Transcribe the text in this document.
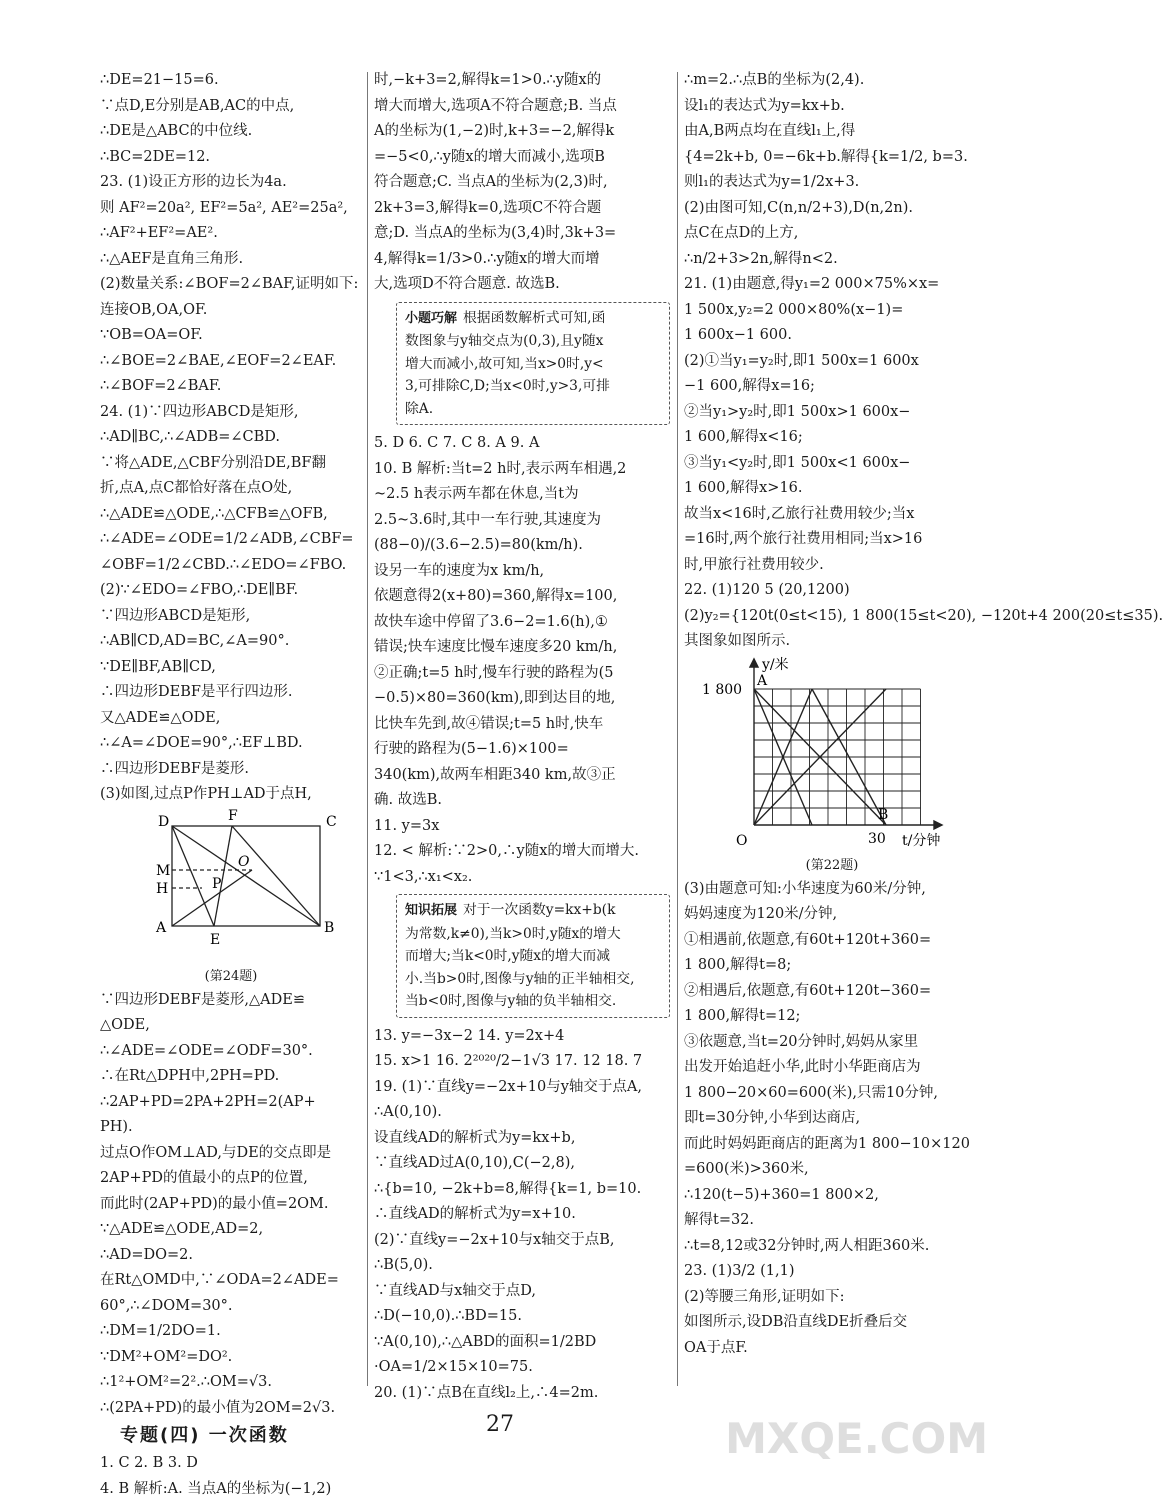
∴DE=21−15=6.
∵点D,E分别是AB,AC的中点,
∴DE是△ABC的中位线.
∴BC=2DE=12.
23. (1)设正方形的边长为4a.
则 AF²=20a², EF²=5a², AE²=25a²,
∴AF²+EF²=AE².
∴△AEF是直角三角形.
(2)数量关系:∠BOF=2∠BAF,证明如下:
连接OB,OA,OF.
∵OB=OA=OF.
∴∠BOE=2∠BAE,∠EOF=2∠EAF.
∴∠BOF=2∠BAF.
24. (1)∵四边形ABCD是矩形,
∴AD∥BC,∴∠ADB=∠CBD.
∵将△ADE,△CBF分别沿DE,BF翻
折,点A,点C都恰好落在点O处,
∴△ADE≌△ODE,∴△CFB≌△OFB,
∴∠ADE=∠ODE=1/2∠ADB,∠CBF=
∠OBF=1/2∠CBD.∴∠EDO=∠FBO.
(2)∵∠EDO=∠FBO,∴DE∥BF.
∵四边形ABCD是矩形,
∴AB∥CD,AD=BC,∠A=90°.
∵DE∥BF,AB∥CD,
∴四边形DEBF是平行四边形.
又△ADE≌△ODE,
∴∠A=∠DOE=90°,∴EF⊥BD.
∴四边形DEBF是菱形.
(3)如图,过点P作PH⊥AD于点H,
D	F	C
O
M
H	P
A
E
B
(第24题)
∵四边形DEBF是菱形,△ADE≌
△ODE,
∴∠ADE=∠ODE=∠ODF=30°.
∴在Rt△DPH中,2PH=PD.
∴2AP+PD=2PA+2PH=2(AP+
PH).
过点O作OM⊥AD,与DE的交点即是
2AP+PD的值最小的点P的位置,
而此时(2AP+PD)的最小值=2OM.
∵△ADE≌△ODE,AD=2,
∴AD=DO=2.
在Rt△OMD中,∵∠ODA=2∠ADE=
60°,∴∠DOM=30°.
∴DM=1/2DO=1.
∵DM²+OM²=DO².
∴1²+OM²=2².∴OM=√3.
∴(2PA+PD)的最小值为2OM=2√3.
专题(四) 一次函数
1. C 2. B 3. D
4. B 解析:A. 当点A的坐标为(−1,2)
时,−k+3=2,解得k=1>0.∴y随x的
增大而增大,选项A不符合题意;B. 当点
A的坐标为(1,−2)时,k+3=−2,解得k
=−5<0,∴y随x的增大而减小,选项B
符合题意;C. 当点A的坐标为(2,3)时,
2k+3=3,解得k=0,选项C不符合题
意;D. 当点A的坐标为(3,4)时,3k+3=
4,解得k=1/3>0.∴y随x的增大而增
大,选项D不符合题意. 故选B.
小题巧解 根据函数解析式可知,函
数图象与y轴交点为(0,3),且y随x
增大而减小,故可知,当x>0时,y<
3,可排除C,D;当x<0时,y>3,可排
除A.
5. D 6. C 7. C 8. A 9. A
10. B 解析:当t=2 h时,表示两车相遇,2
~2.5 h表示两车都在休息,当t为
2.5~3.6时,其中一车行驶,其速度为
(88−0)/(3.6−2.5)=80(km/h).
设另一车的速度为x km/h,
依题意得2(x+80)=360,解得x=100,
故快车途中停留了3.6−2=1.6(h),①
错误;快车速度比慢车速度多20 km/h,
②正确;t=5 h时,慢车行驶的路程为(5
−0.5)×80=360(km),即到达目的地,
比快车先到,故④错误;t=5 h时,快车
行驶的路程为(5−1.6)×100=
340(km),故两车相距340 km,故③正
确. 故选B.
11. y=3x
12. < 解析:∵2>0,∴y随x的增大而增大.
∵1<3,∴x₁<x₂.
知识拓展 对于一次函数y=kx+b(k
为常数,k≠0),当k>0时,y随x的增大
而增大;当k<0时,y随x的增大而减
小.当b>0时,图像与y轴的正半轴相交,
当b<0时,图像与y轴的负半轴相交.
13. y=−3x−2 14. y=2x+4
15. x>1 16. 2²⁰²⁰/2−1√3 17. 12 18. 7
19. (1)∵直线y=−2x+10与y轴交于点A,
∴A(0,10).
设直线AD的解析式为y=kx+b,
∵直线AD过A(0,10),C(−2,8),
∴{b=10, −2k+b=8,解得{k=1, b=10.
∴直线AD的解析式为y=x+10.
(2)∵直线y=−2x+10与x轴交于点B,
∴B(5,0).
∵直线AD与x轴交于点D,
∴D(−10,0).∴BD=15.
∵A(0,10),∴△ABD的面积=1/2BD
·OA=1/2×15×10=75.
20. (1)∵点B在直线l₂上,∴4=2m.
∴m=2.∴点B的坐标为(2,4).
设l₁的表达式为y=kx+b.
由A,B两点均在直线l₁上,得
{4=2k+b, 0=−6k+b.解得{k=1/2, b=3.
则l₁的表达式为y=1/2x+3.
(2)由图可知,C(n,n/2+3),D(n,2n).
点C在点D的上方,
∴n/2+3>2n,解得n<2.
21. (1)由题意,得y₁=2 000×75%×x=
1 500x,y₂=2 000×80%(x−1)=
1 600x−1 600.
(2)①当y₁=y₂时,即1 500x=1 600x
−1 600,解得x=16;
②当y₁>y₂时,即1 500x>1 600x−
1 600,解得x<16;
③当y₁<y₂时,即1 500x<1 600x−
1 600,解得x>16.
故当x<16时,乙旅行社费用较少;当x
=16时,两个旅行社费用相同;当x>16
时,甲旅行社费用较少.
22. (1)120 5 (20,1200)
(2)y₂={120t(0≤t<15), 1 800(15≤t<20), −120t+4 200(20≤t≤35).
其图象如图所示.
y/米
t/分钟
1 800
30
O
A
B
(第22题)
(3)由题意可知:小华速度为60米/分钟,
妈妈速度为120米/分钟,
①相遇前,依题意,有60t+120t+360=
1 800,解得t=8;
②相遇后,依题意,有60t+120t−360=
1 800,解得t=12;
③依题意,当t=20分钟时,妈妈从家里
出发开始追赶小华,此时小华距商店为
1 800−20×60=600(米),只需10分钟,
即t=30分钟,小华到达商店,
而此时妈妈距商店的距离为1 800−10×120
=600(米)>360米,
∴120(t−5)+360=1 800×2,
解得t=32.
∴t=8,12或32分钟时,两人相距360米.
23. (1)3/2 (1,1)
(2)等腰三角形,证明如下:
如图所示,设DB沿直线DE折叠后交
OA于点F.
27	MXQE.COM
